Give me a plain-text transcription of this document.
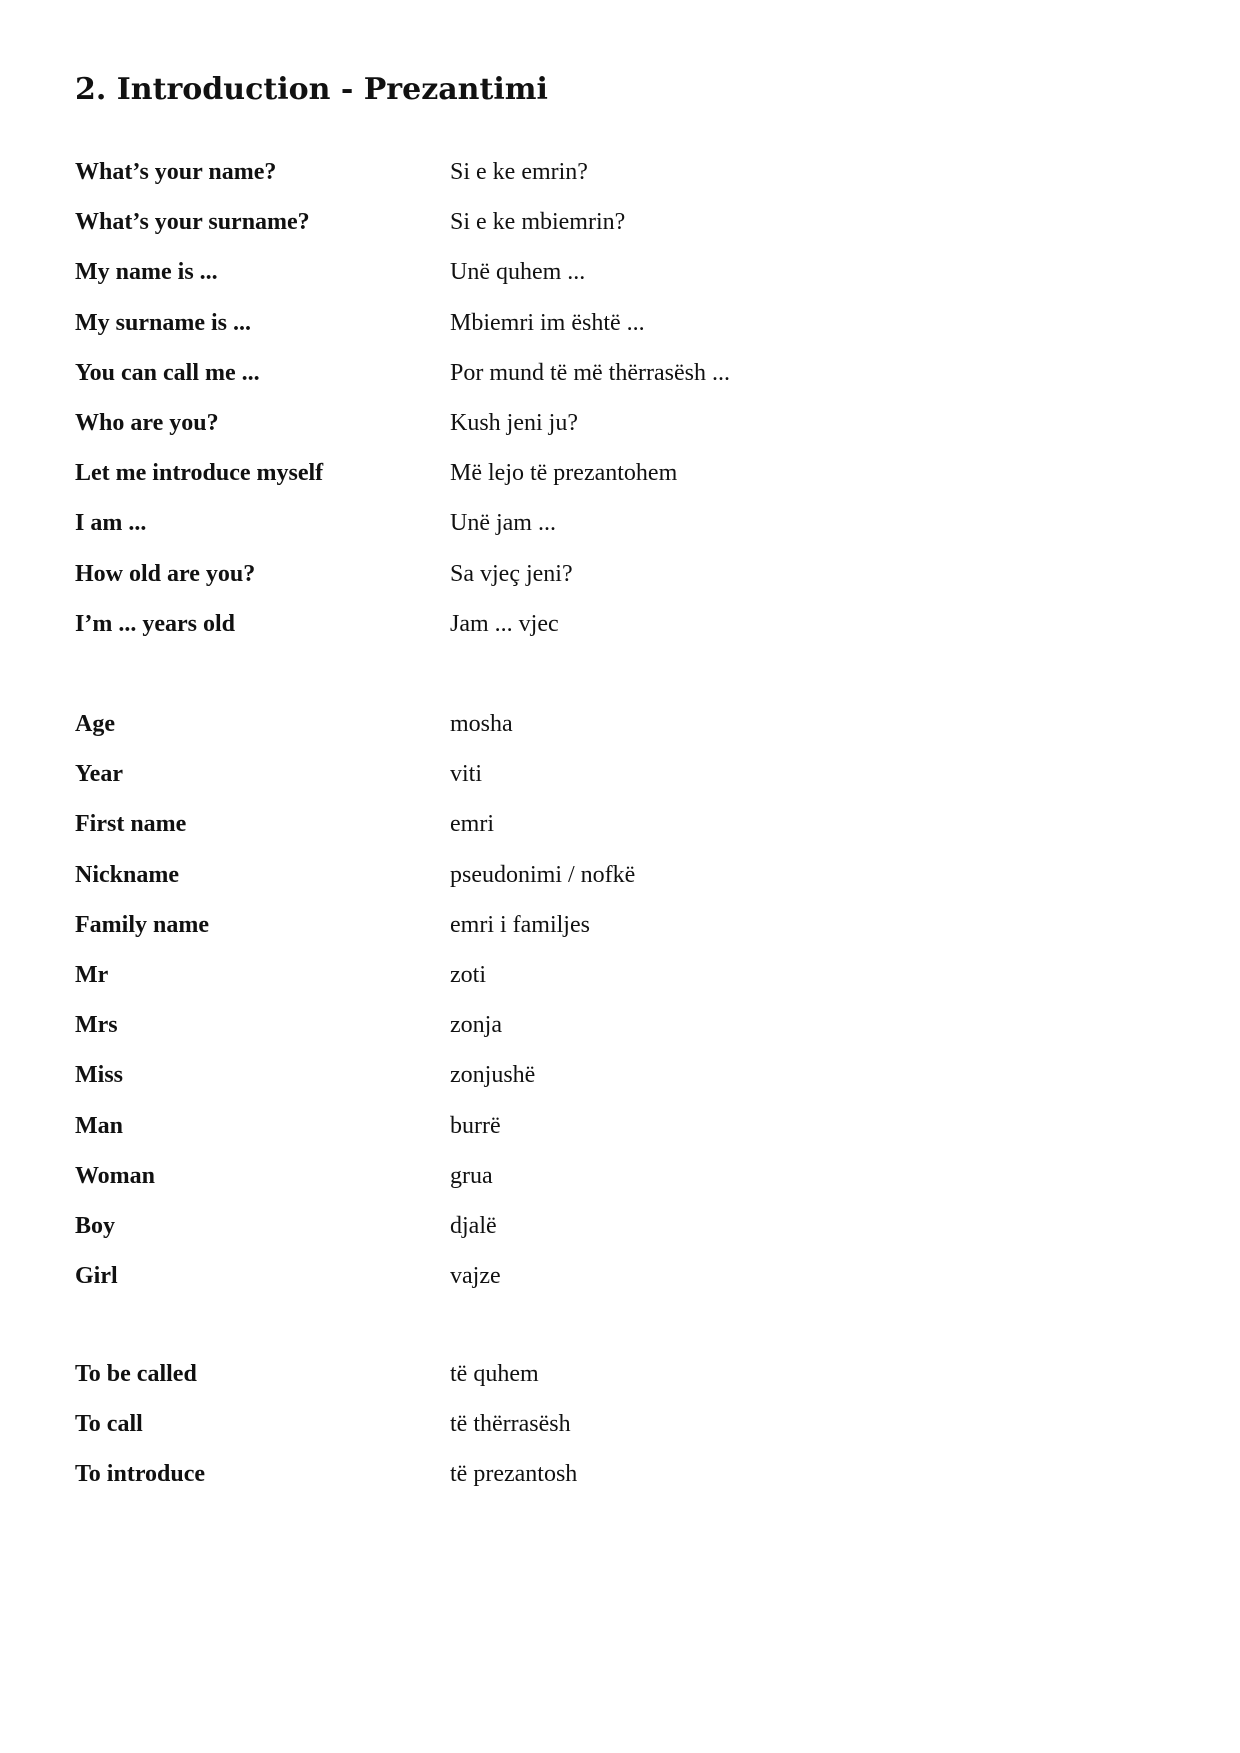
2. Introduction - Prezantimi
What’s your name?	Si e ke emrin?
What’s your surname?	Si e ke mbiemrin?
My name is ...	Unë quhem ...
My surname is ...	Mbiemri im është ...
You can call me ...	Por mund të më thërrasësh ...
Who are you?	Kush jeni ju?
Let me introduce myself	Më lejo të prezantohem
I am ...	Unë jam ...
How old are you?	Sa vjeç jeni?
I’m ... years old	Jam ... vjec
Age	mosha
Year	viti
First name	emri
Nickname	pseudonimi / nofkë
Family name	emri i familjes
Mr	zoti
Mrs	zonja
Miss	zonjushë
Man	burrë
Woman	grua
Boy	djalë
Girl	vajze
To be called	të quhem
To call	të thërrasësh
To introduce	të prezantosh
